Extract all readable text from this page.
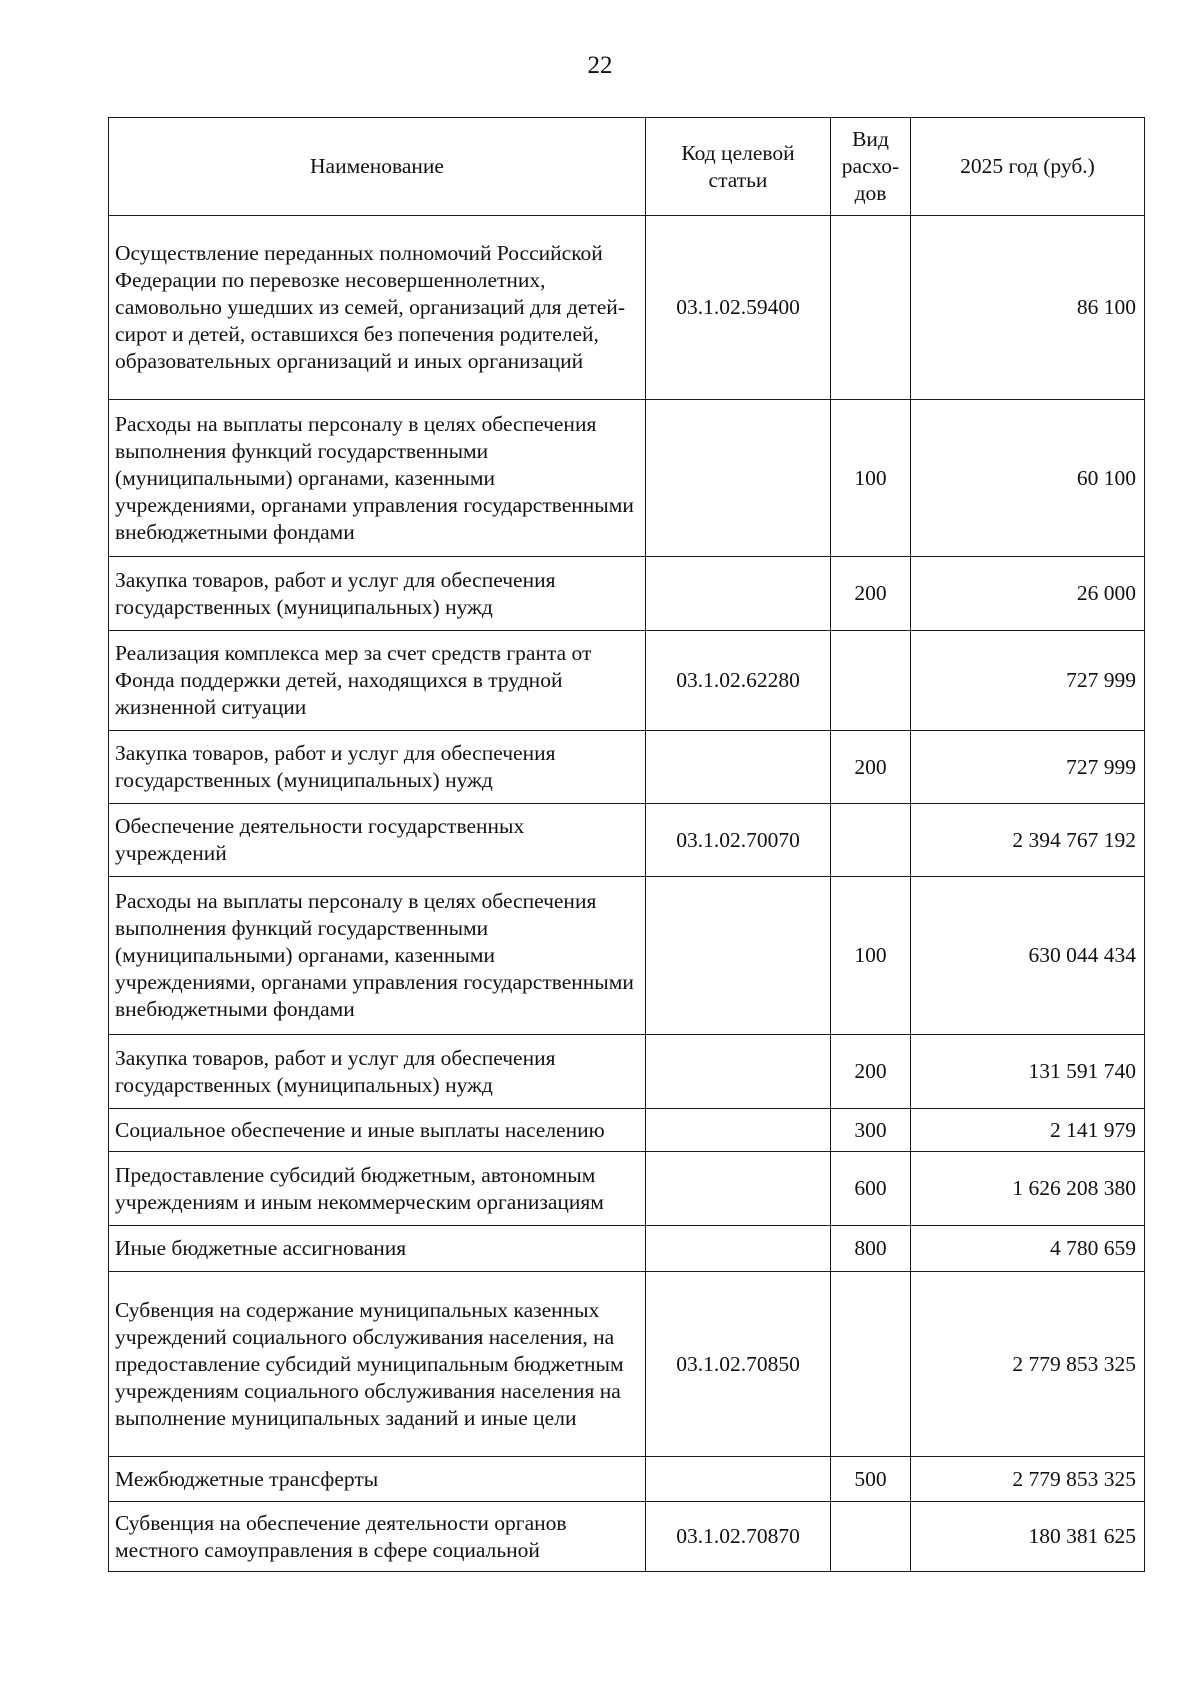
22
Наименование	Код целевой статьи	Вид расхо-дов	2025 год (руб.)
Осуществление переданных полномочий Российской Федерации по перевозке несовершеннолетних, самовольно ушедших из семей, организаций для детей-сирот и детей, оставшихся без попечения родителей, образовательных организаций и иных организаций	03.1.02.59400		86 100
Расходы на выплаты персоналу в целях обеспечения выполнения функций государственными (муниципальными) органами, казенными учреждениями, органами управления государственными внебюджетными фондами		100	60 100
Закупка товаров, работ и услуг для обеспечения государственных (муниципальных) нужд		200	26 000
Реализация комплекса мер за счет средств гранта от Фонда поддержки детей, находящихся в трудной жизненной ситуации	03.1.02.62280		727 999
Закупка товаров, работ и услуг для обеспечения государственных (муниципальных) нужд		200	727 999
Обеспечение деятельности государственных учреждений	03.1.02.70070		2 394 767 192
Расходы на выплаты персоналу в целях обеспечения выполнения функций государственными (муниципальными) органами, казенными учреждениями, органами управления государственными внебюджетными фондами		100	630 044 434
Закупка товаров, работ и услуг для обеспечения государственных (муниципальных) нужд		200	131 591 740
Социальное обеспечение и иные выплаты населению		300	2 141 979
Предоставление субсидий бюджетным, автономным учреждениям и иным некоммерческим организациям		600	1 626 208 380
Иные бюджетные ассигнования		800	4 780 659
Субвенция на содержание муниципальных казенных учреждений социального обслуживания населения, на предоставление субсидий муниципальным бюджетным учреждениям социального обслуживания населения на выполнение муниципальных заданий и иные цели	03.1.02.70850		2 779 853 325
Межбюджетные трансферты		500	2 779 853 325
Субвенция на обеспечение деятельности органов местного самоуправления в сфере социальной	03.1.02.70870		180 381 625
